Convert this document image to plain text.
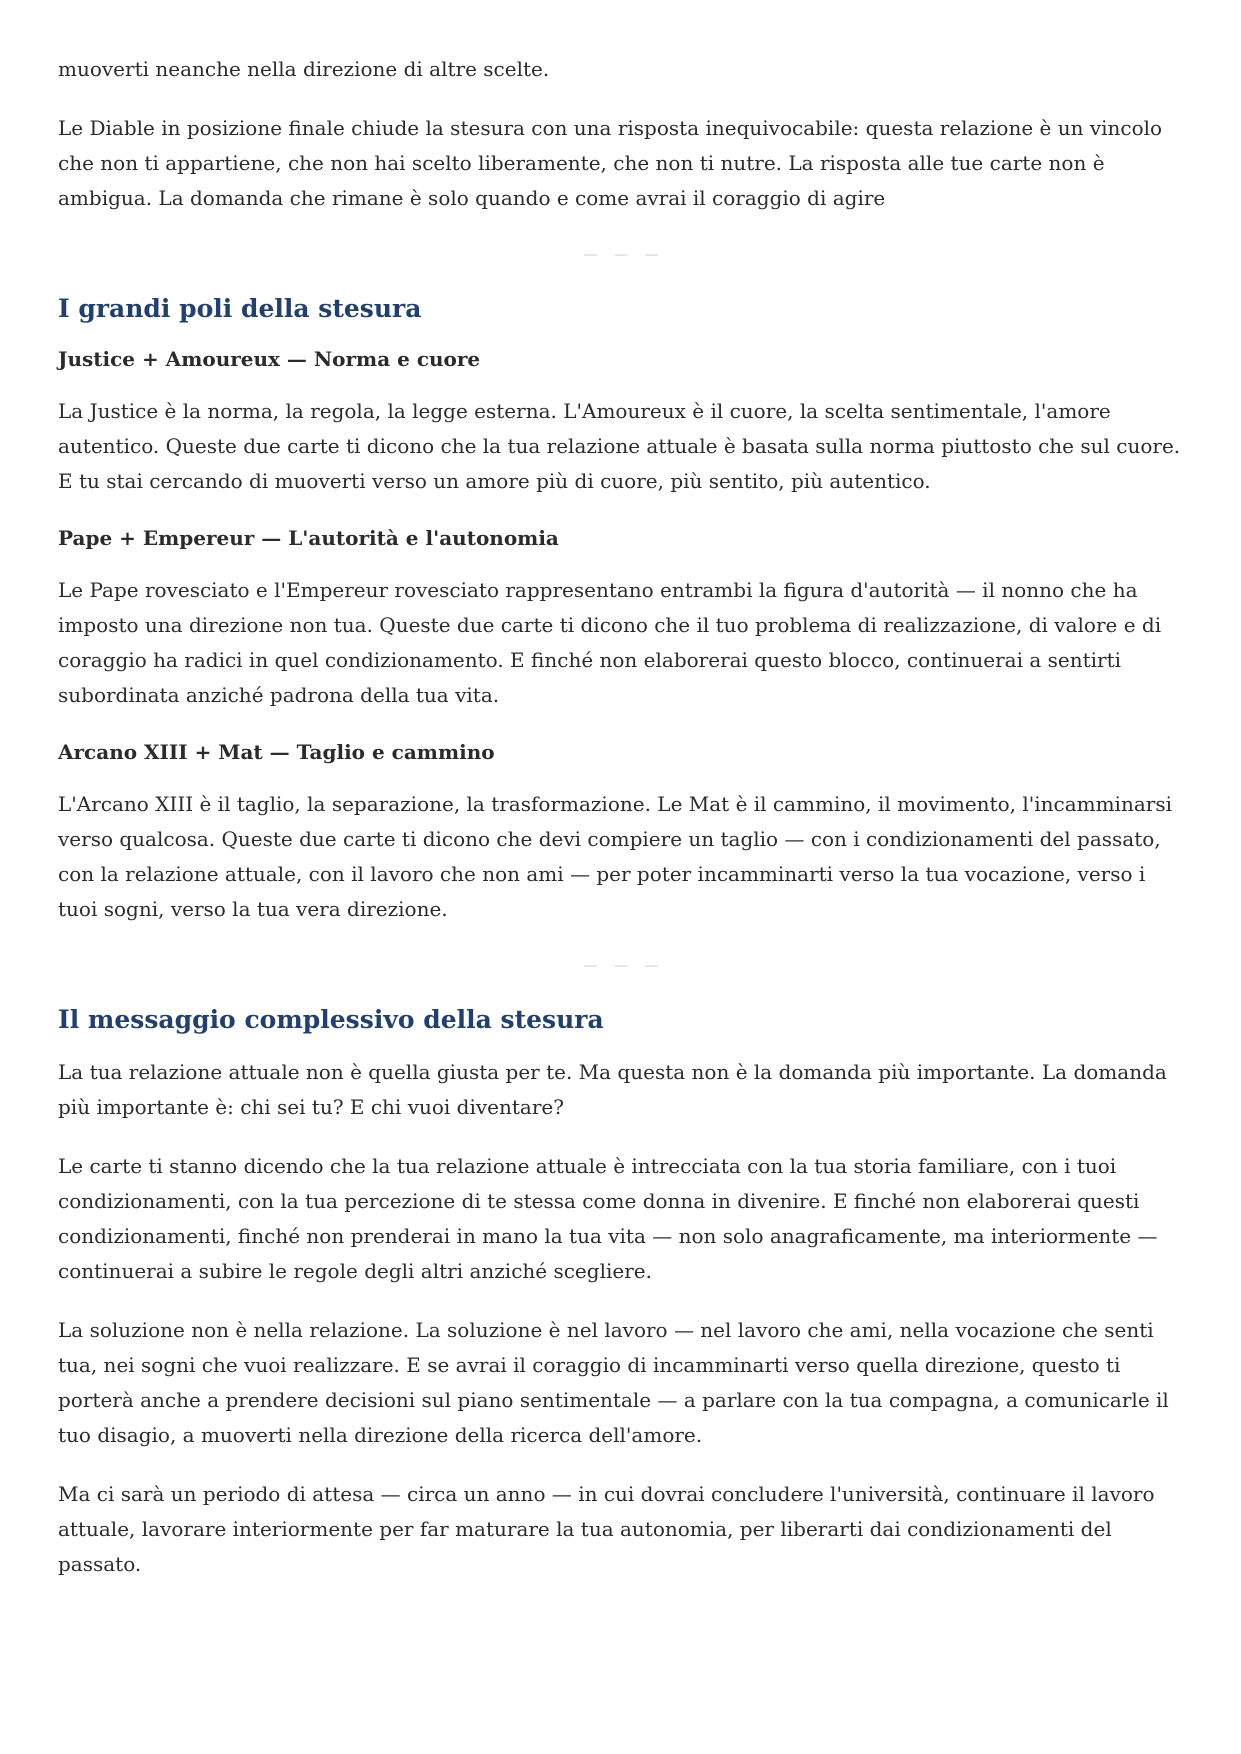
muoverti neanche nella direzione di altre scelte.

Le Diable in posizione finale chiude la stesura con una risposta inequivocabile: questa relazione è un vincolo che non ti appartiene, che non hai scelto liberamente, che non ti nutre. La risposta alle tue carte non è ambigua. La domanda che rimane è solo quando e come avrai il coraggio di agire

— — —
I grandi poli della stesura
Justice + Amoureux — Norma e cuore

La Justice è la norma, la regola, la legge esterna. L'Amoureux è il cuore, la scelta sentimentale, l'amore autentico. Queste due carte ti dicono che la tua relazione attuale è basata sulla norma piuttosto che sul cuore. E tu stai cercando di muoverti verso un amore più di cuore, più sentito, più autentico.

Pape + Empereur — L'autorità e l'autonomia

Le Pape rovesciato e l'Empereur rovesciato rappresentano entrambi la figura d'autorità — il nonno che ha imposto una direzione non tua. Queste due carte ti dicono che il tuo problema di realizzazione, di valore e di coraggio ha radici in quel condizionamento. E finché non elaborerai questo blocco, continuerai a sentirti subordinata anziché padrona della tua vita.

Arcano XIII + Mat — Taglio e cammino

L'Arcano XIII è il taglio, la separazione, la trasformazione. Le Mat è il cammino, il movimento, l'incamminarsi verso qualcosa. Queste due carte ti dicono che devi compiere un taglio — con i condizionamenti del passato, con la relazione attuale, con il lavoro che non ami — per poter incamminarti verso la tua vocazione, verso i tuoi sogni, verso la tua vera direzione.

— — —
Il messaggio complessivo della stesura

La tua relazione attuale non è quella giusta per te. Ma questa non è la domanda più importante. La domanda più importante è: chi sei tu? E chi vuoi diventare?

Le carte ti stanno dicendo che la tua relazione attuale è intrecciata con la tua storia familiare, con i tuoi condizionamenti, con la tua percezione di te stessa come donna in divenire. E finché non elaborerai questi condizionamenti, finché non prenderai in mano la tua vita — non solo anagraficamente, ma interiormente — continuerai a subire le regole degli altri anziché scegliere.

La soluzione non è nella relazione. La soluzione è nel lavoro — nel lavoro che ami, nella vocazione che senti tua, nei sogni che vuoi realizzare. E se avrai il coraggio di incamminarti verso quella direzione, questo ti porterà anche a prendere decisioni sul piano sentimentale — a parlare con la tua compagna, a comunicarle il tuo disagio, a muoverti nella direzione della ricerca dell'amore.

Ma ci sarà un periodo di attesa — circa un anno — in cui dovrai concludere l'università, continuare il lavoro attuale, lavorare interiormente per far maturare la tua autonomia, per liberarti dai condizionamenti del passato.
